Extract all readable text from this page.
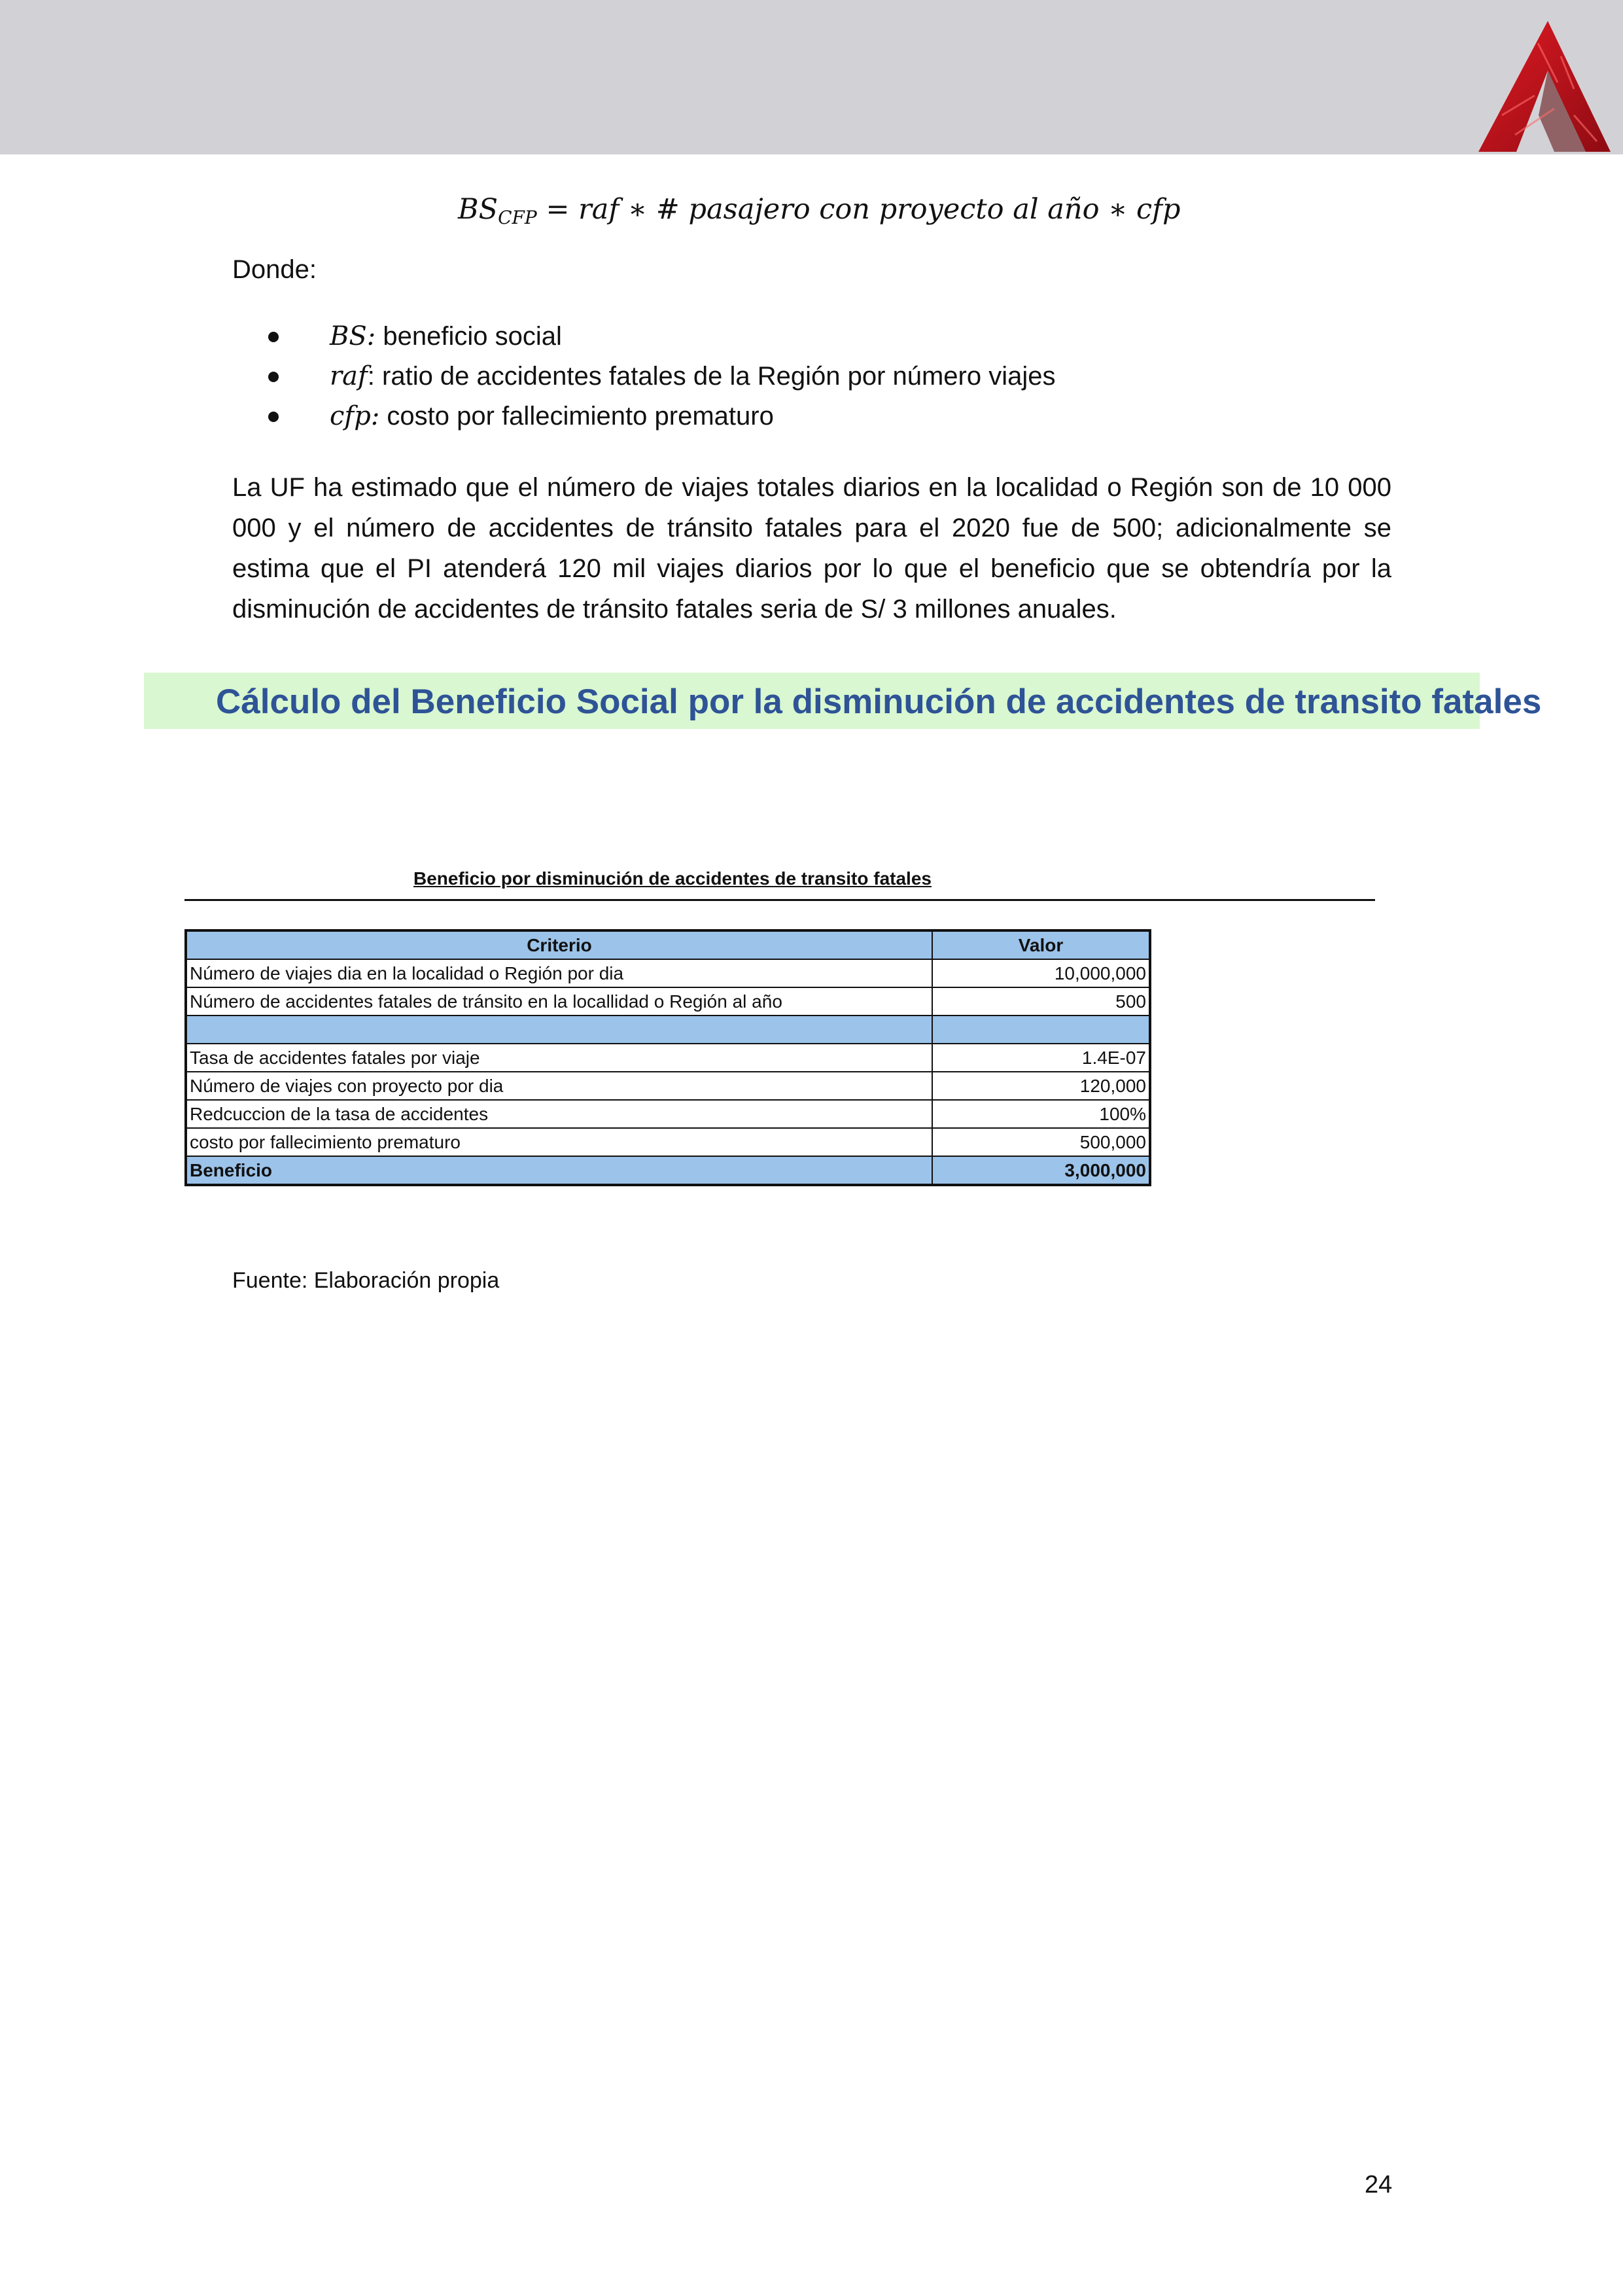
$BS_{CFP}$ = raf ∗ # pasajero con proyecto al año ∗ cfp
Donde:
BS: beneficio social
raf: ratio de accidentes fatales de la Región por número viajes
cfp: costo por fallecimiento prematuro

La UF ha estimado que el número de viajes totales diarios en la localidad o Región son de 10 000 000 y el número de accidentes de tránsito fatales para el 2020 fue de 500; adicionalmente se estima que el PI atenderá 120 mil viajes diarios por lo que el beneficio que se obtendría por la disminución de accidentes de tránsito fatales seria de S/ 3 millones anuales.

Cálculo del Beneficio Social por la disminución de accidentes de transito fatales
Beneficio por disminución de accidentes de transito fatales
Criterio	Valor
Número de viajes dia en la localidad o Región por dia	10,000,000
Número de accidentes fatales de tránsito en la locallidad o Región al año	500

Tasa de accidentes fatales por viaje	1.4E-07
Número de viajes con proyecto por dia	120,000
Redcuccion de la tasa de accidentes	100%
costo por fallecimiento prematuro	500,000
Beneficio	3,000,000
Fuente: Elaboración propia
24
